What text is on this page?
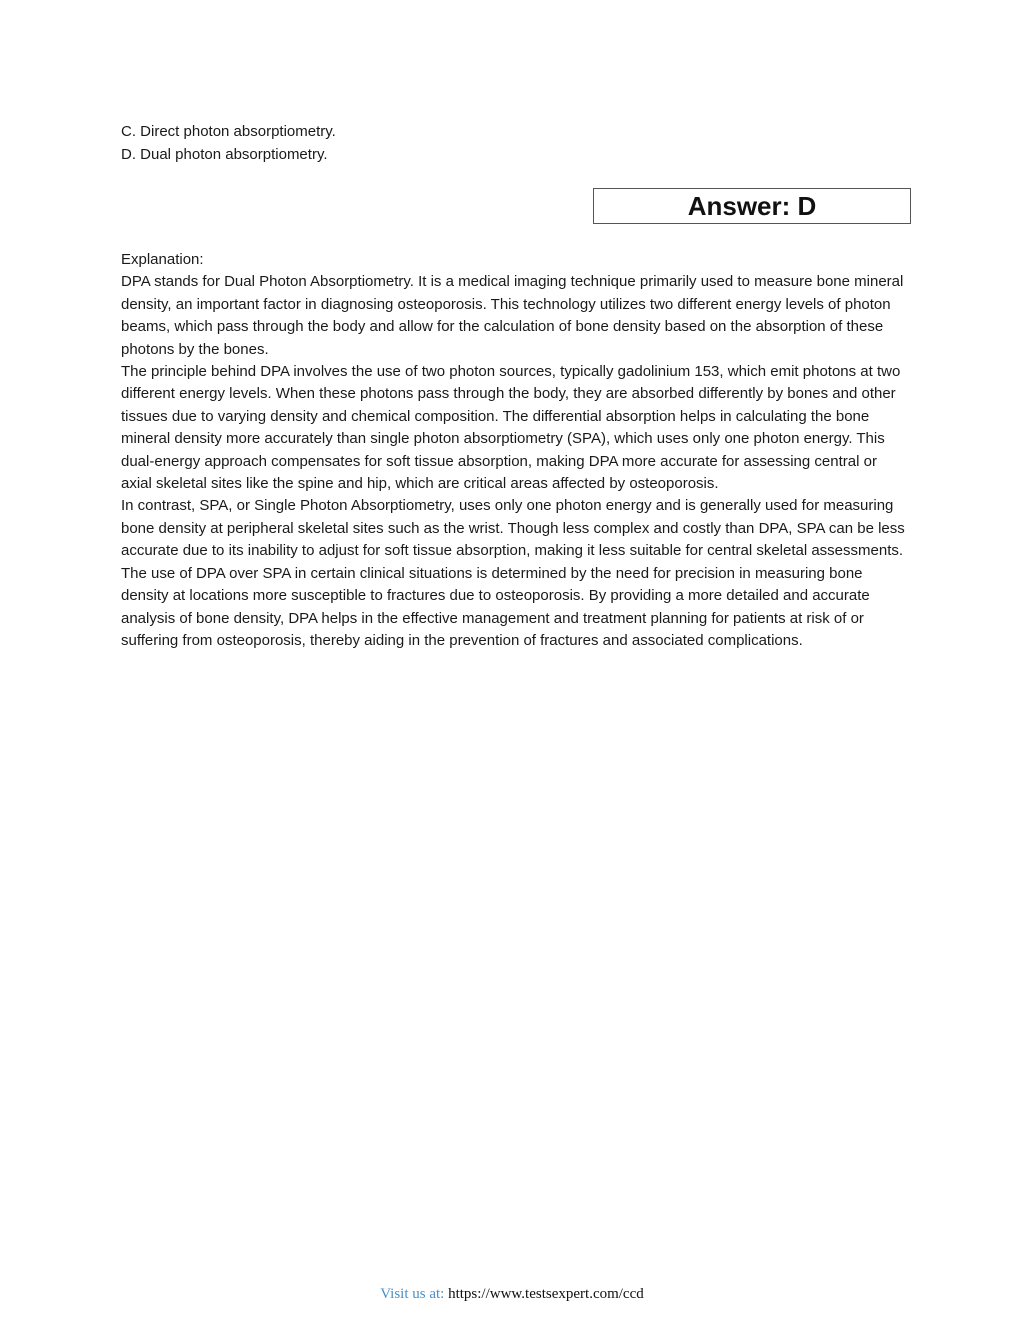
C. Direct photon absorptiometry.
D. Dual photon absorptiometry.
Answer: D

Explanation:

DPA stands for Dual Photon Absorptiometry. It is a medical imaging technique primarily used to measure bone mineral density, an important factor in diagnosing osteoporosis. This technology utilizes two different energy levels of photon beams, which pass through the body and allow for the calculation of bone density based on the absorption of these photons by the bones.

The principle behind DPA involves the use of two photon sources, typically gadolinium 153, which emit photons at two different energy levels. When these photons pass through the body, they are absorbed differently by bones and other tissues due to varying density and chemical composition. The differential absorption helps in calculating the bone mineral density more accurately than single photon absorptiometry (SPA), which uses only one photon energy. This dual-energy approach compensates for soft tissue absorption, making DPA more accurate for assessing central or axial skeletal sites like the spine and hip, which are critical areas affected by osteoporosis.

In contrast, SPA, or Single Photon Absorptiometry, uses only one photon energy and is generally used for measuring bone density at peripheral skeletal sites such as the wrist. Though less complex and costly than DPA, SPA can be less accurate due to its inability to adjust for soft tissue absorption, making it less suitable for central skeletal assessments.

The use of DPA over SPA in certain clinical situations is determined by the need for precision in measuring bone density at locations more susceptible to fractures due to osteoporosis. By providing a more detailed and accurate analysis of bone density, DPA helps in the effective management and treatment planning for patients at risk of or suffering from osteoporosis, thereby aiding in the prevention of fractures and associated complications.

Visit us at: https://www.testsexpert.com/ccd
